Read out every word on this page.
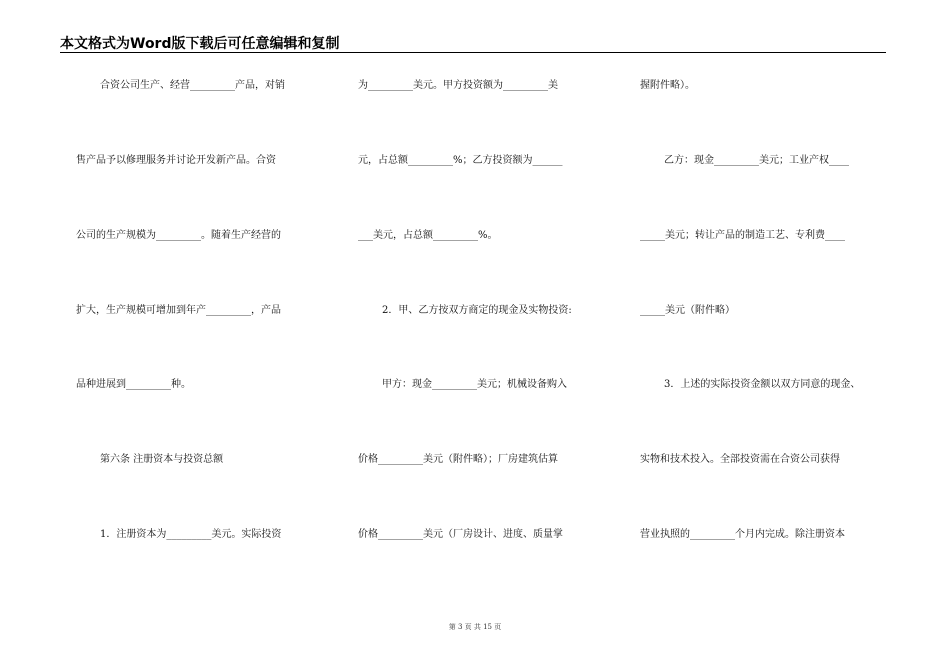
本文格式为Word版下载后可任意编辑和复制
合资公司生产、经营_________产品，对销
售产品予以修理服务并讨论开发新产品。合资
公司的生产规模为_________。随着生产经营的
扩大，生产规模可增加到年产_________，产品
品种进展到_________种。
第六条 注册资本与投资总额
1．注册资本为_________美元。实际投资
为_________美元。甲方投资额为_________美
元，占总额_________%；乙方投资额为______
___美元，占总额_________%。
2．甲、乙方按双方商定的现金及实物投资:
甲方：现金_________美元；机械设备购入
价格_________美元（附件略）；厂房建筑估算
价格_________美元（厂房设计、进度、质量掌
握附件略）。
乙方：现金_________美元；工业产权____
_____美元；转让产品的制造工艺、专利费____
_____美元（附件略）
3．上述的实际投资金额以双方同意的现金、
实物和技术投入。全部投资需在合资公司获得
营业执照的_________个月内完成。除注册资本
第 3 页 共 15 页
